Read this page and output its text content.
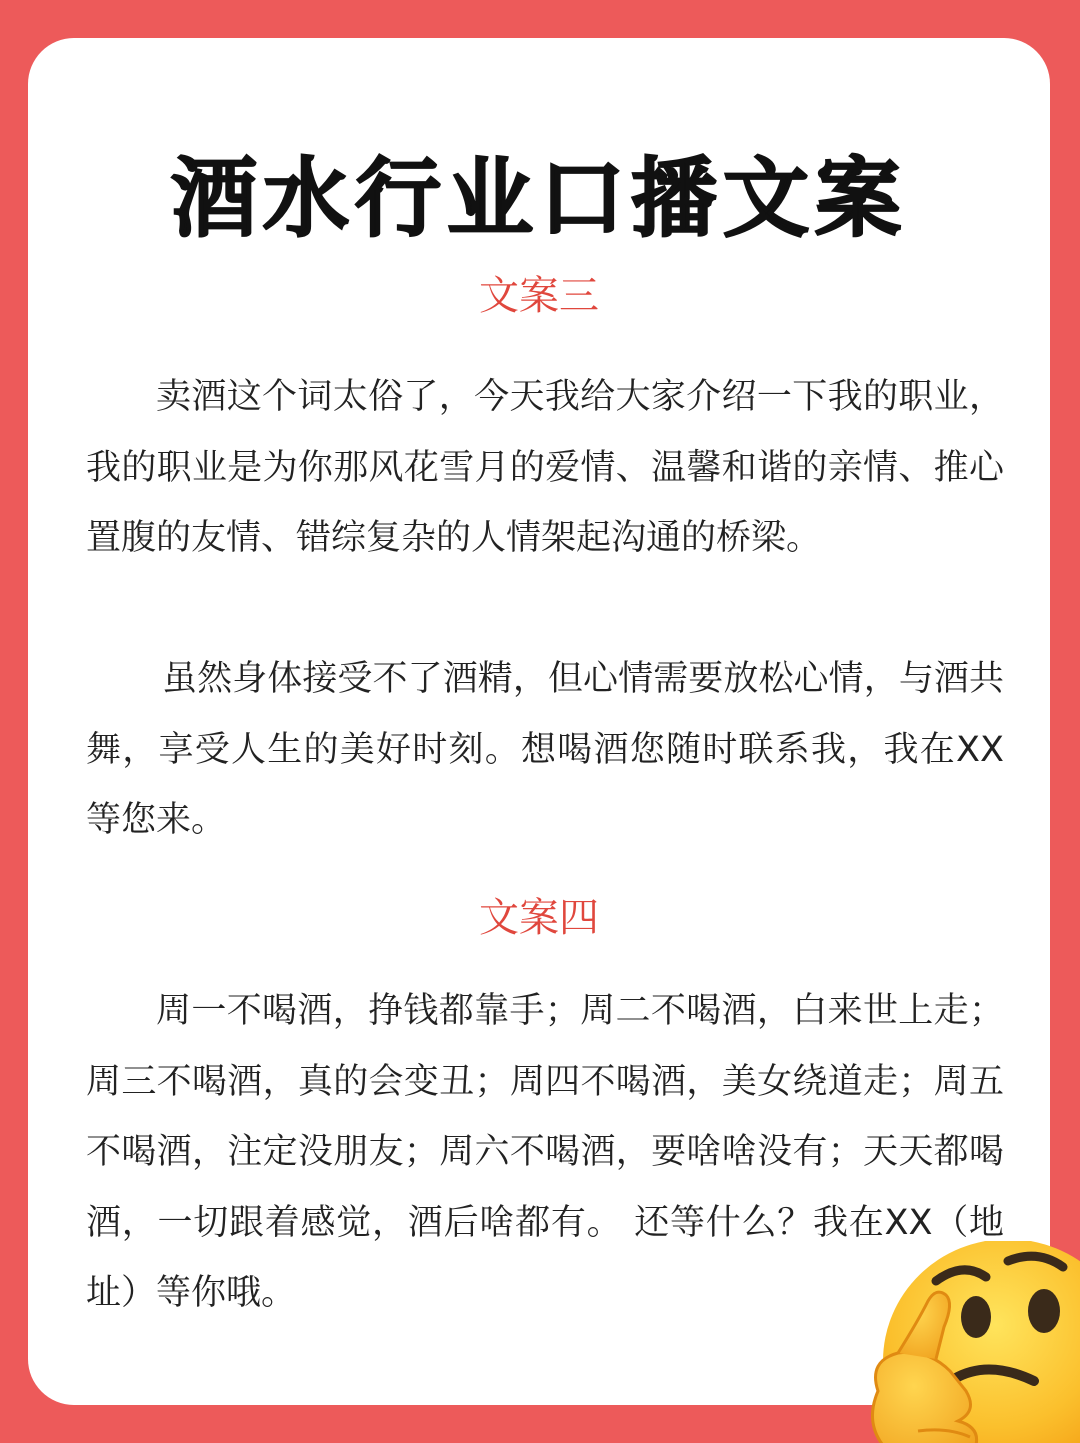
酒水行业口播文案
文案三

卖酒这个词太俗了，今天我给大家介绍一下我的职业，我的职业是为你那风花雪月的爱情、温馨和谐的亲情、推心置腹的友情、错综复杂的人情架起沟通的桥梁。

虽然身体接受不了酒精，但心情需要放松心情，与酒共舞，享受人生的美好时刻。想喝酒您随时联系我，我在XX等您来。

文案四

周一不喝酒，挣钱都靠手；周二不喝酒，白来世上走；周三不喝酒，真的会变丑；周四不喝酒，美女绕道走；周五不喝酒，注定没朋友；周六不喝酒，要啥啥没有；天天都喝酒，一切跟着感觉，酒后啥都有。 还等什么？我在XX（地址）等你哦。
